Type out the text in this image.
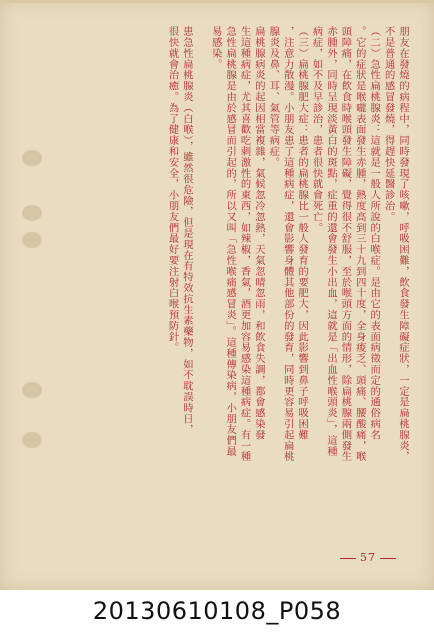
朋友在發燒的病程中，同時發現了咳嗽，呼吸困難，飲食發生障礙症狀，一定是扁桃腺炎，

不是普通的感冒發燒，得趕快延醫診治。

（二）急性扁桃腺炎：這就是一般人所說的白喉症。是由它的表面病徵而定的通俗病名

。它的症狀是喉嚨表面發生赤腫，熱度高到三十九到四十度，全身痠乏、頭痛、腰酸痛，喉

頭障痛，在飲食時喉頭發生障礙，覺得很不舒服，至於喉頭方面的情形，除扁桃腺兩側發生

赤腫外，同時呈現淡黃白的斑點，症重的還會發生小出血，這就是「出血性喉頭炎」，這種

病症，如不及早診治，患者很快就會死亡。

（三）扁桃腺肥大症：患者的扁桃腺比一般人發育的要肥大，因此影響到鼻子呼吸困難

，注意力散漫。小朋友患了這種病症，還會影響身體其他部份的發育，同時更容易引起扁桃

腺炎及鼻、耳、氣管等病症。

扁桃腺病炎的起因相當複雜，氣候忽冷忽熱，天氣忽晴忽雨，和飲食失調，都會感染發

生這種病症，尤其喜歡吃刺激性的東西，如辣椒，香氣，酒更加容易感染這種病症。有一種

急性扁桃腺是由於感冒而引起的，所以又叫「急性喉痛感冒炎」。這種傳染病，小朋友們最

易感染。

患急性扁桃腺炎（白喉），雖然很危險，但是現在有特效抗生素藥物，如不耽誤時日，

很快就會治癒。為了健康和安全，小朋友們最好要注射白喉預防針。

57
20130610108_P058
